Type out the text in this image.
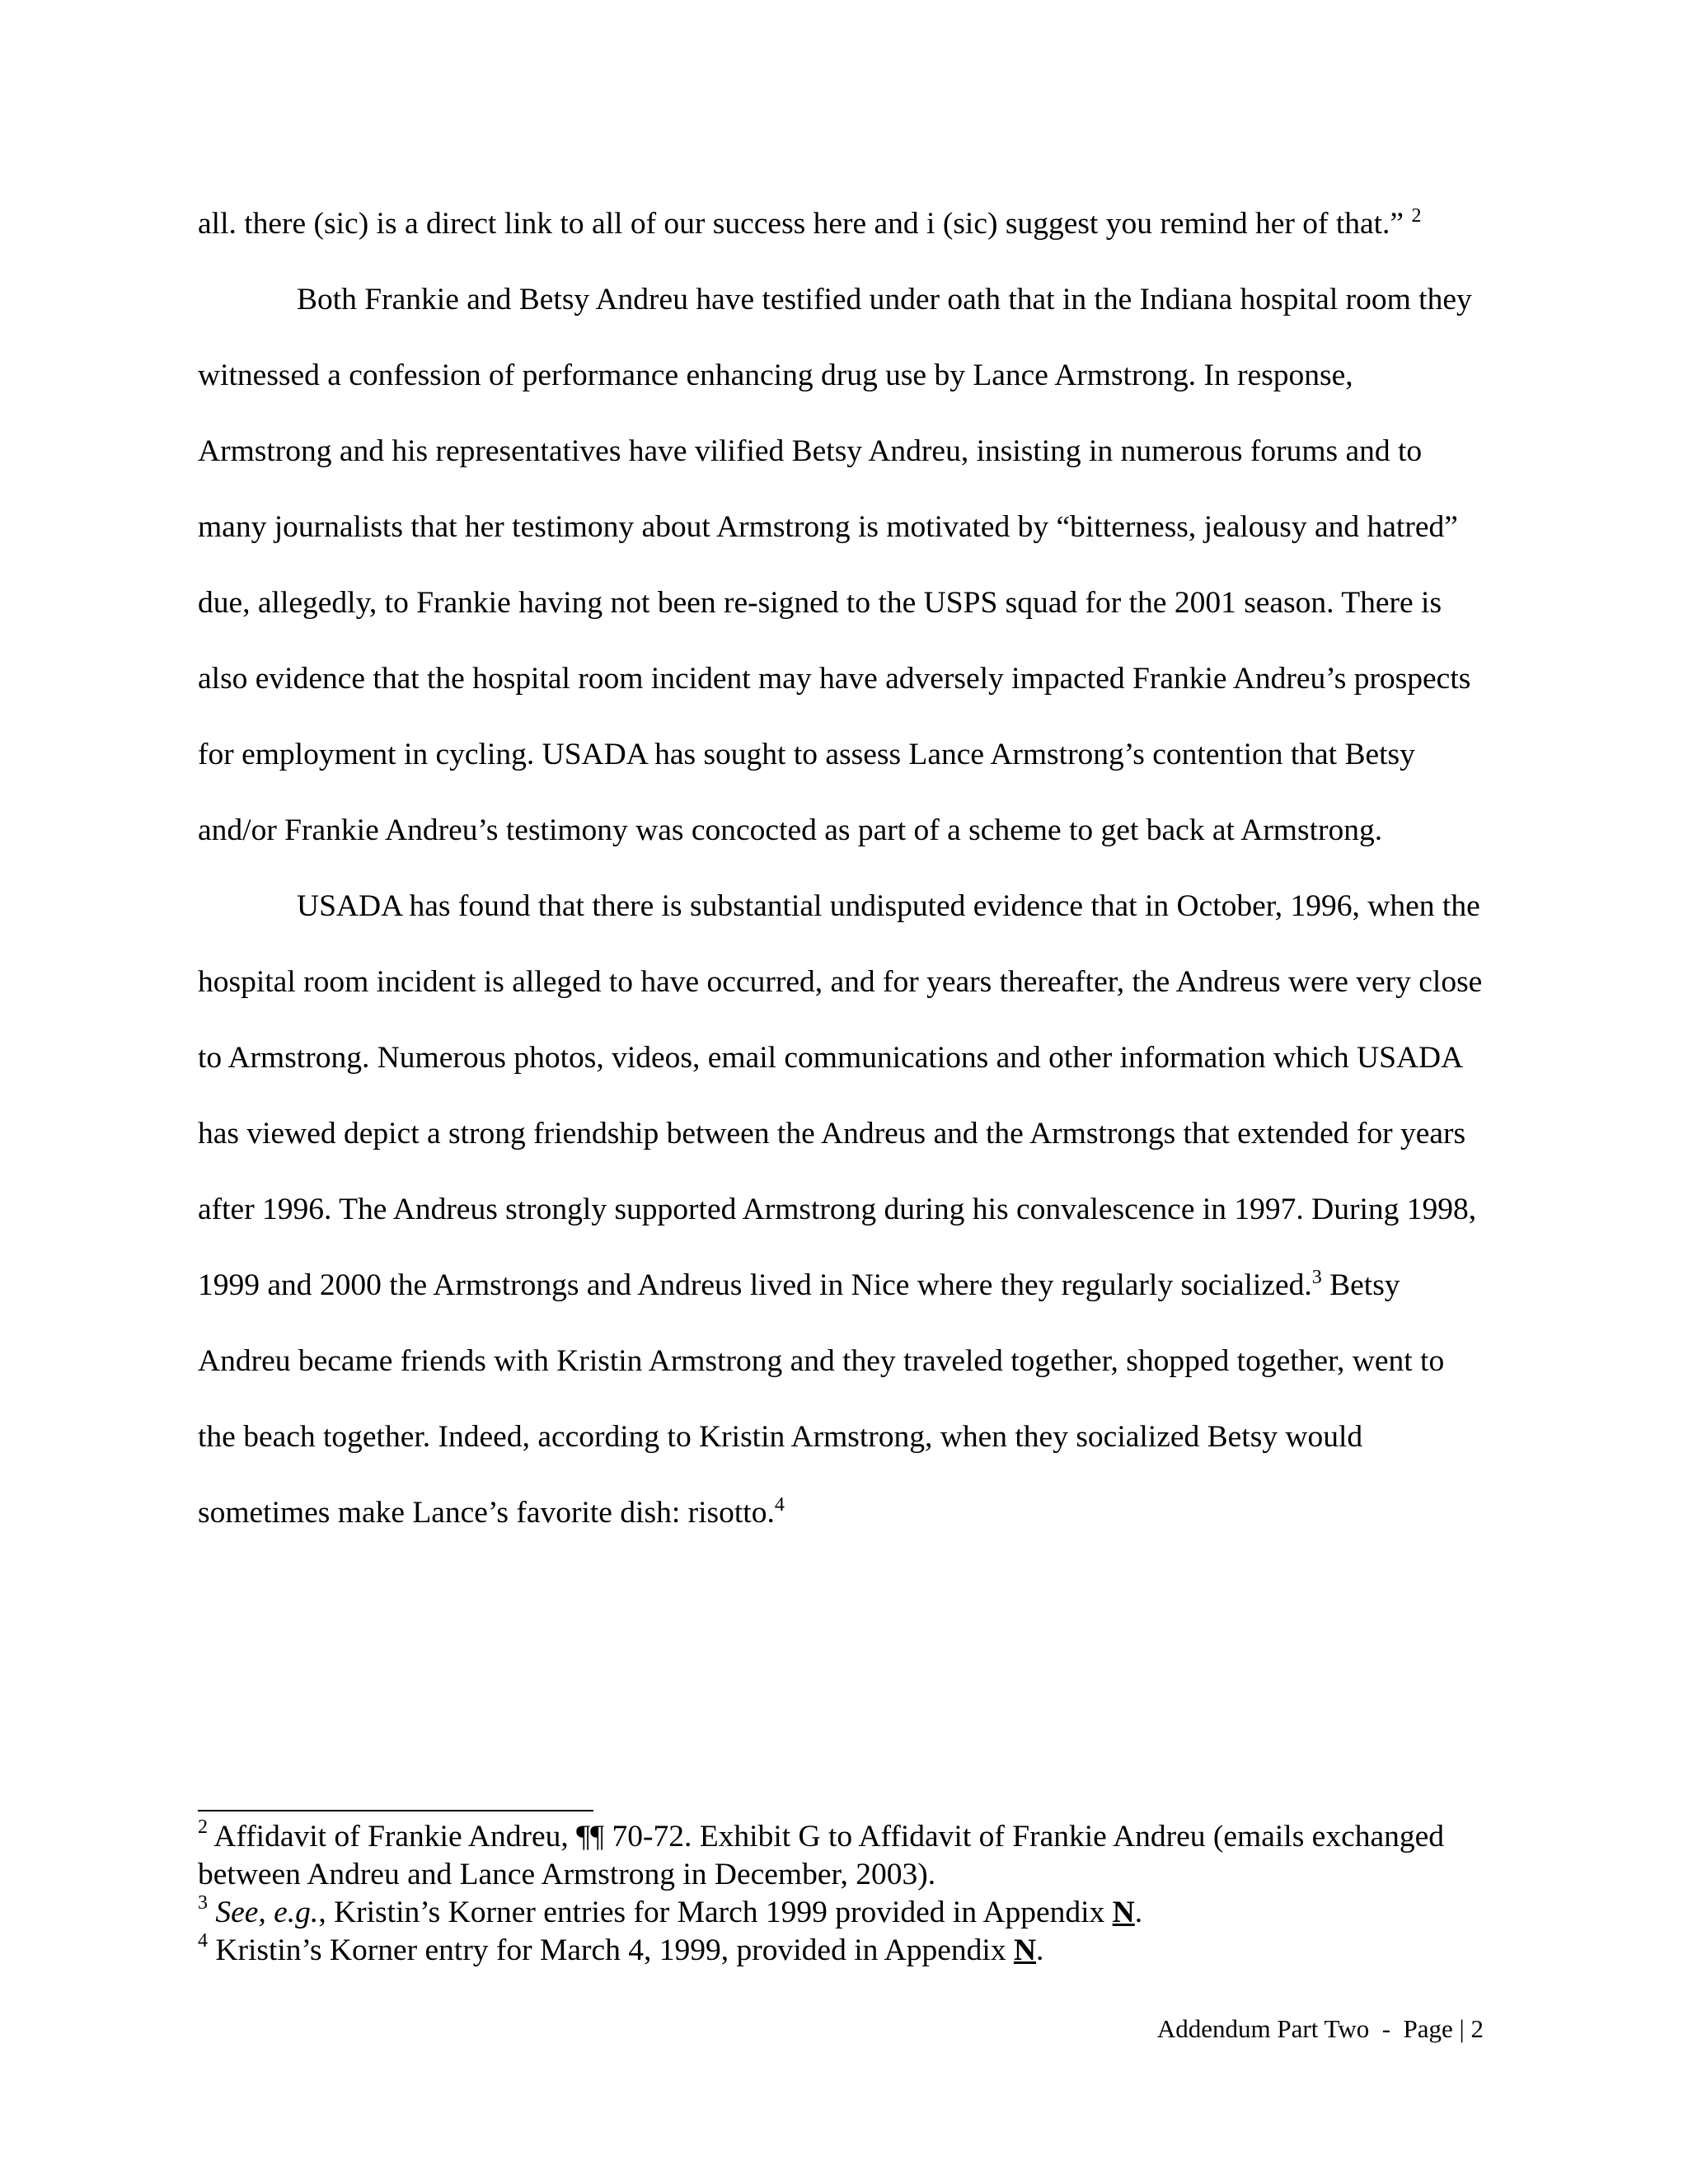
all. there (sic) is a direct link to all of our success here and i (sic) suggest you remind her of that.” $^2$

Both Frankie and Betsy Andreu have testified under oath that in the Indiana hospital room they witnessed a confession of performance enhancing drug use by Lance Armstrong. In response, Armstrong and his representatives have vilified Betsy Andreu, insisting in numerous forums and to many journalists that her testimony about Armstrong is motivated by “bitterness, jealousy and hatred” due, allegedly, to Frankie having not been re-signed to the USPS squad for the 2001 season. There is also evidence that the hospital room incident may have adversely impacted Frankie Andreu’s prospects for employment in cycling. USADA has sought to assess Lance Armstrong’s contention that Betsy and/or Frankie Andreu’s testimony was concocted as part of a scheme to get back at Armstrong.

USADA has found that there is substantial undisputed evidence that in October, 1996, when the hospital room incident is alleged to have occurred, and for years thereafter, the Andreus were very close to Armstrong. Numerous photos, videos, email communications and other information which USADA has viewed depict a strong friendship between the Andreus and the Armstrongs that extended for years after 1996. The Andreus strongly supported Armstrong during his convalescence in 1997. During 1998, 1999 and 2000 the Armstrongs and Andreus lived in Nice where they regularly socialized.$^3$ Betsy Andreu became friends with Kristin Armstrong and they traveled together, shopped together, went to the beach together. Indeed, according to Kristin Armstrong, when they socialized Betsy would sometimes make Lance’s favorite dish: risotto.$^4$

$^2$ Affidavit of Frankie Andreu, ¶¶ 70-72. Exhibit G to Affidavit of Frankie Andreu (emails exchanged between Andreu and Lance Armstrong in December, 2003).

$^3$ See, e.g., Kristin’s Korner entries for March 1999 provided in Appendix N.

$^4$ Kristin’s Korner entry for March 4, 1999, provided in Appendix N.

Addendum Part Two  -  Page | 2
